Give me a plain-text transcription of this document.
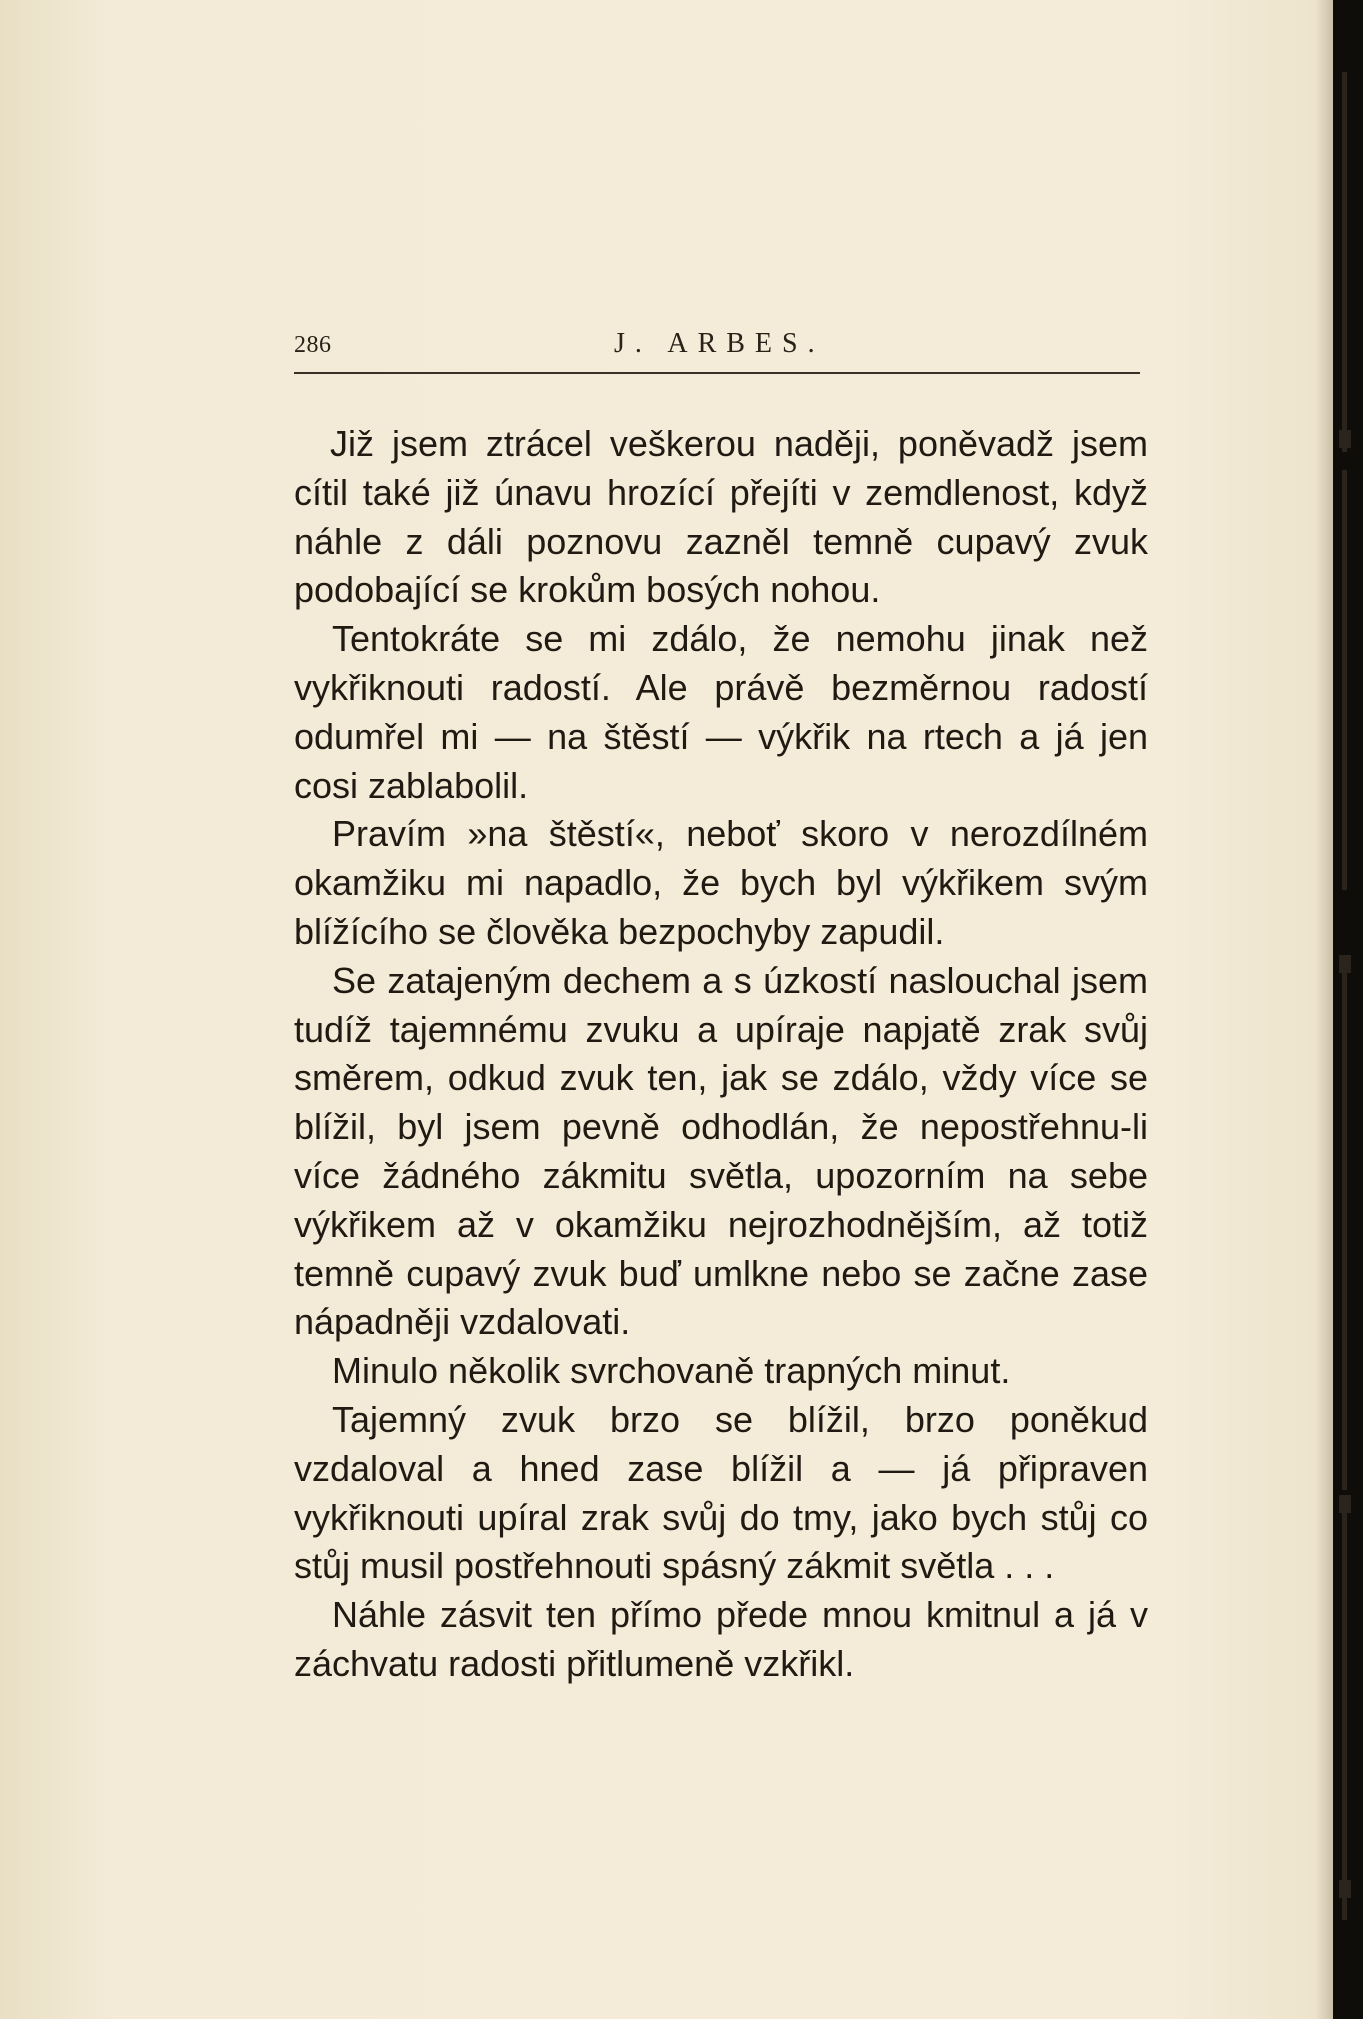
286	J. ARBES.

Již jsem ztrácel veškerou naději, poněvadž jsem cítil také již únavu hrozící přejíti v zemdlenost, když náhle z dáli poznovu zazněl temně cupavý zvuk podobající se krokům bosých nohou.

Tentokráte se mi zdálo, že nemohu jinak než vykřiknouti radostí. Ale právě bezměrnou radostí odumřel mi — na štěstí — výkřik na rtech a já jen cosi zablabolil.

Pravím »na štěstí«, neboť skoro v nerozdílném okamžiku mi napadlo, že bych byl výkřikem svým blížícího se člověka bezpochyby zapudil.

Se zatajeným dechem a s úzkostí naslouchal jsem tudíž tajemnému zvuku a upíraje napjatě zrak svůj směrem, odkud zvuk ten, jak se zdálo, vždy více se blížil, byl jsem pevně odhodlán, že nepostřehnu-li více žádného zákmitu světla, upozorním na sebe výkřikem až v okamžiku nejrozhodnějším, až totiž temně cupavý zvuk buď umlkne nebo se začne zase nápadněji vzdalovati.

Minulo několik svrchovaně trapných minut.

Tajemný zvuk brzo se blížil, brzo poněkud vzdaloval a hned zase blížil a — já připraven vykřiknouti upíral zrak svůj do tmy, jako bych stůj co stůj musil postřehnouti spásný zákmit světla . . .

Náhle zásvit ten přímo přede mnou kmitnul a já v záchvatu radosti přitlumeně vzkřikl.
